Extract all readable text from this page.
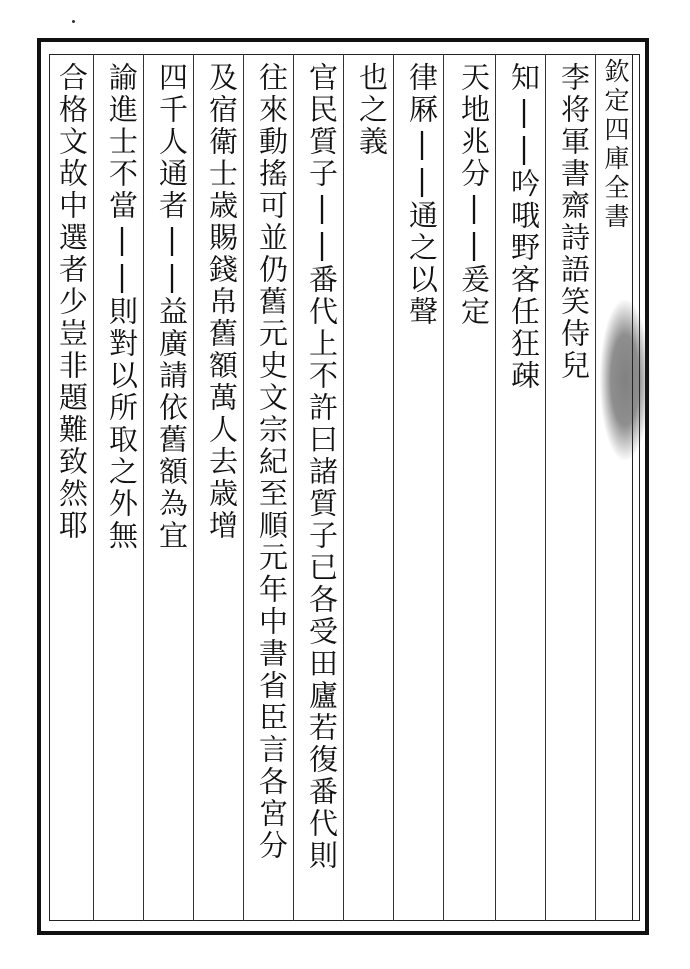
欽定四庫全書
李将軍書齋詩語笑侍兒
知||吟哦野客任狂疎
天地兆分||爰定
律厤||通之以聲
也之義
官民質子||番代上不許曰諸質子已各受田廬若復番代則
往來動搖可並仍舊元史文宗紀至順元年中書省臣言各宮分
及宿衛士歳賜錢帛舊額萬人去歳增
四千人通者||益廣請依舊額為宜
諭進士不當||則對以所取之外無
合格文故中選者少豈非題難致然耶
